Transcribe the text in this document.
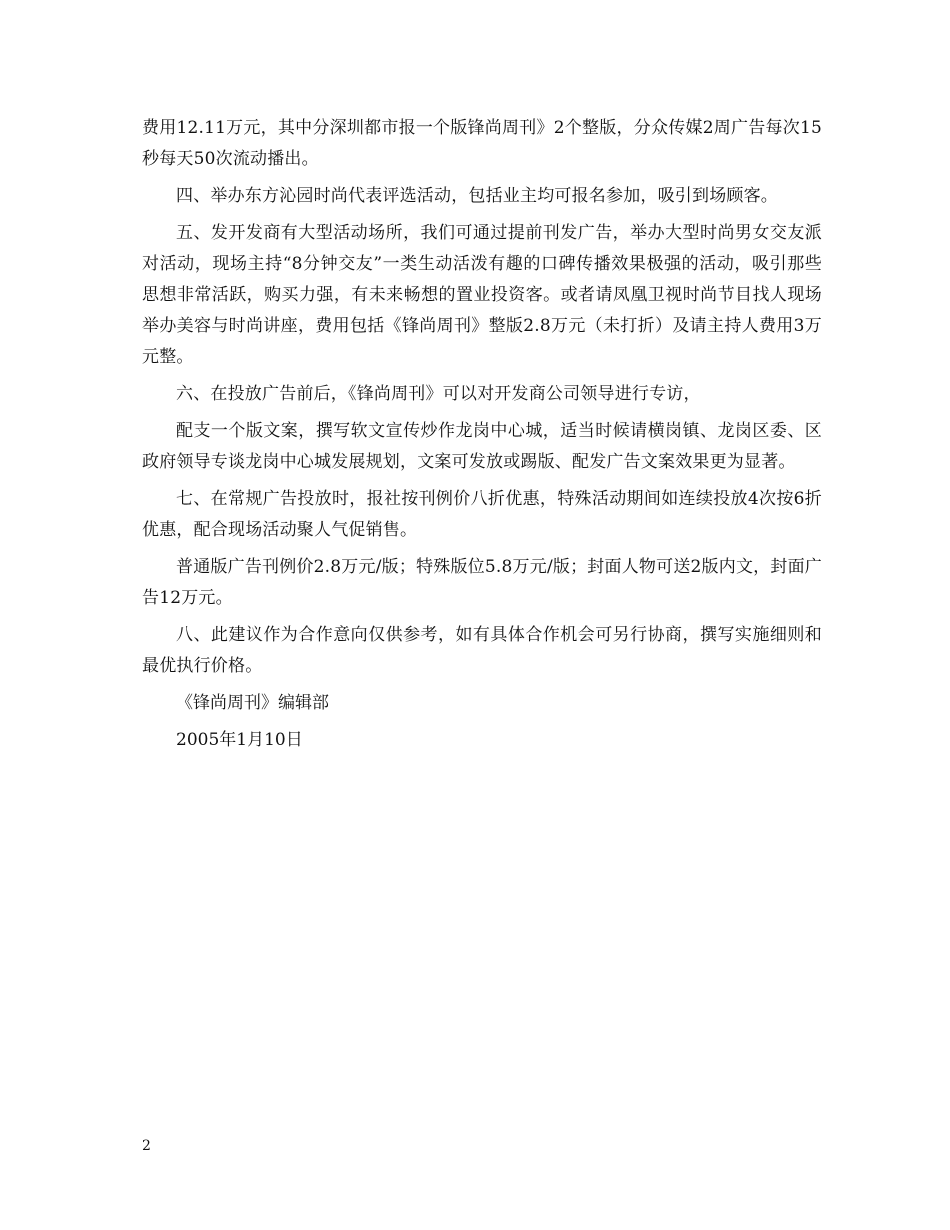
费用12.11万元，其中分深圳都市报一个版锋尚周刊》2个整版，分众传媒2周广告每次15秒每天50次流动播出。

四、举办东方沁园时尚代表评选活动，包括业主均可报名参加，吸引到场顾客。

五、发开发商有大型活动场所，我们可通过提前刊发广告，举办大型时尚男女交友派对活动，现场主持“8分钟交友”一类生动活泼有趣的口碑传播效果极强的活动，吸引那些思想非常活跃，购买力强，有未来畅想的置业投资客。或者请凤凰卫视时尚节目找人现场举办美容与时尚讲座，费用包括《锋尚周刊》整版2.8万元（未打折）及请主持人费用3万元整。

六、在投放广告前后，《锋尚周刊》可以对开发商公司领导进行专访，

配支一个版文案，撰写软文宣传炒作龙岗中心城，适当时候请横岗镇、龙岗区委、区政府领导专谈龙岗中心城发展规划，文案可发放或踢版、配发广告文案效果更为显著。

七、在常规广告投放时，报社按刊例价八折优惠，特殊活动期间如连续投放4次按6折优惠，配合现场活动聚人气促销售。

普通版广告刊例价2.8万元/版；特殊版位5.8万元/版；封面人物可送2版内文，封面广告12万元。

八、此建议作为合作意向仅供参考，如有具体合作机会可另行协商，撰写实施细则和最优执行价格。

《锋尚周刊》编辑部

2005年1月10日

2
